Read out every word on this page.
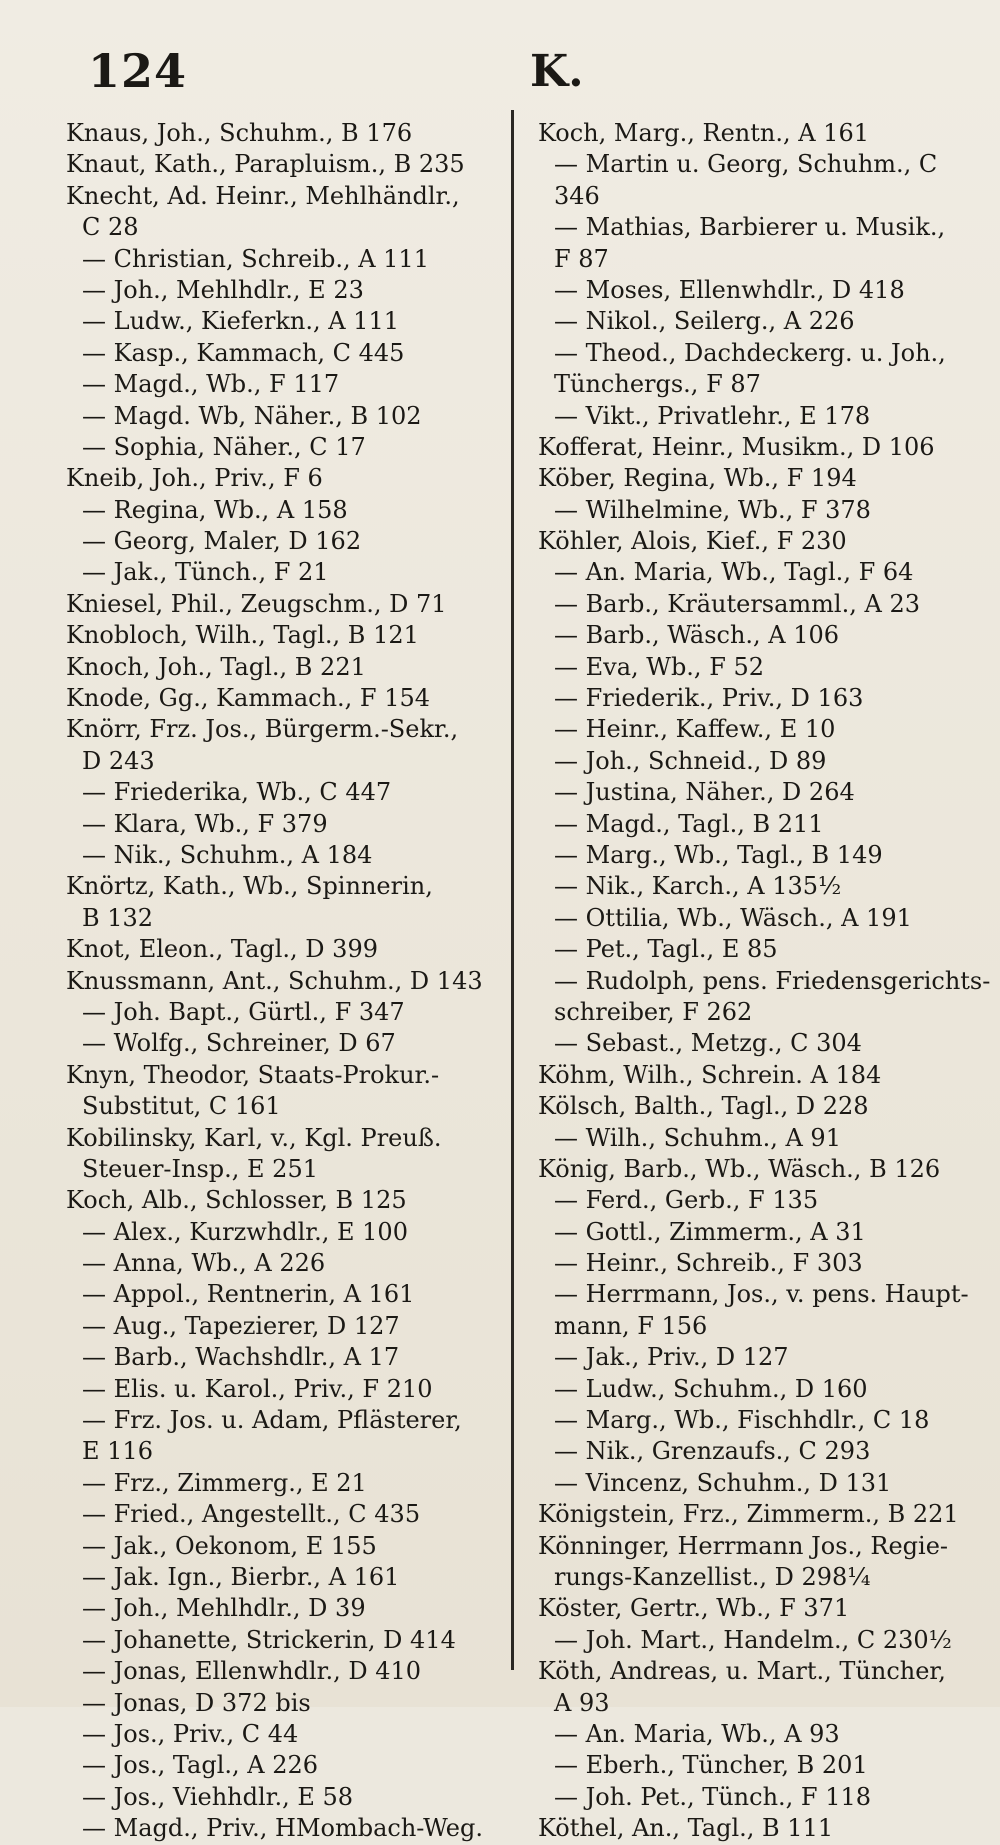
124	K.
Knaus, Joh., Schuhm., B 176
Knaut, Kath., Parapluism., B 235
Knecht, Ad. Heinr., Mehlhändlr.,
C 28
— Christian, Schreib., A 111
— Joh., Mehlhdlr., E 23
— Ludw., Kieferkn., A 111
— Kasp., Kammach, C 445
— Magd., Wb., F 117
— Magd. Wb, Näher., B 102
— Sophia, Näher., C 17
Kneib, Joh., Priv., F 6
— Regina, Wb., A 158
— Georg, Maler, D 162
— Jak., Tünch., F 21
Kniesel, Phil., Zeugschm., D 71
Knobloch, Wilh., Tagl., B 121
Knoch, Joh., Tagl., B 221
Knode, Gg., Kammach., F 154
Knörr, Frz. Jos., Bürgerm.-Sekr.,
D 243
— Friederika, Wb., C 447
— Klara, Wb., F 379
— Nik., Schuhm., A 184
Knörtz, Kath., Wb., Spinnerin,
B 132
Knot, Eleon., Tagl., D 399
Knussmann, Ant., Schuhm., D 143
— Joh. Bapt., Gürtl., F 347
— Wolfg., Schreiner, D 67
Knyn, Theodor, Staats-Prokur.-
Substitut, C 161
Kobilinsky, Karl, v., Kgl. Preuß.
Steuer-Insp., E 251
Koch, Alb., Schlosser, B 125
— Alex., Kurzwhdlr., E 100
— Anna, Wb., A 226
— Appol., Rentnerin, A 161
— Aug., Tapezierer, D 127
— Barb., Wachshdlr., A 17
— Elis. u. Karol., Priv., F 210
— Frz. Jos. u. Adam, Pflästerer,
E 116
— Frz., Zimmerg., E 21
— Fried., Angestellt., C 435
— Jak., Oekonom, E 155
— Jak. Ign., Bierbr., A 161
— Joh., Mehlhdlr., D 39
— Johanette, Strickerin, D 414
— Jonas, Ellenwhdlr., D 410
— Jonas, D 372 bis
— Jos., Priv., C 44
— Jos., Tagl., A 226
— Jos., Viehhdlr., E 58
— Magd., Priv., HMombach-Weg.
Koch, Marg., Rentn., A 161
— Martin u. Georg, Schuhm., C
346
— Mathias, Barbierer u. Musik.,
F 87
— Moses, Ellenwhdlr., D 418
— Nikol., Seilerg., A 226
— Theod., Dachdeckerg. u. Joh.,
Tünchergs., F 87
— Vikt., Privatlehr., E 178
Kofferat, Heinr., Musikm., D 106
Köber, Regina, Wb., F 194
— Wilhelmine, Wb., F 378
Köhler, Alois, Kief., F 230
— An. Maria, Wb., Tagl., F 64
— Barb., Kräutersamml., A 23
— Barb., Wäsch., A 106
— Eva, Wb., F 52
— Friederik., Priv., D 163
— Heinr., Kaffew., E 10
— Joh., Schneid., D 89
— Justina, Näher., D 264
— Magd., Tagl., B 211
— Marg., Wb., Tagl., B 149
— Nik., Karch., A 135½
— Ottilia, Wb., Wäsch., A 191
— Pet., Tagl., E 85
— Rudolph, pens. Friedensgerichts-
schreiber, F 262
— Sebast., Metzg., C 304
Köhm, Wilh., Schrein. A 184
Kölsch, Balth., Tagl., D 228
— Wilh., Schuhm., A 91
König, Barb., Wb., Wäsch., B 126
— Ferd., Gerb., F 135
— Gottl., Zimmerm., A 31
— Heinr., Schreib., F 303
— Herrmann, Jos., v. pens. Haupt-
mann, F 156
— Jak., Priv., D 127
— Ludw., Schuhm., D 160
— Marg., Wb., Fischhdlr., C 18
— Nik., Grenzaufs., C 293
— Vincenz, Schuhm., D 131
Königstein, Frz., Zimmerm., B 221
Könninger, Herrmann Jos., Regie-
rungs-Kanzellist., D 298¼
Köster, Gertr., Wb., F 371
— Joh. Mart., Handelm., C 230½
Köth, Andreas, u. Mart., Tüncher,
A 93
— An. Maria, Wb., A 93
— Eberh., Tüncher, B 201
— Joh. Pet., Tünch., F 118
Köthel, An., Tagl., B 111
